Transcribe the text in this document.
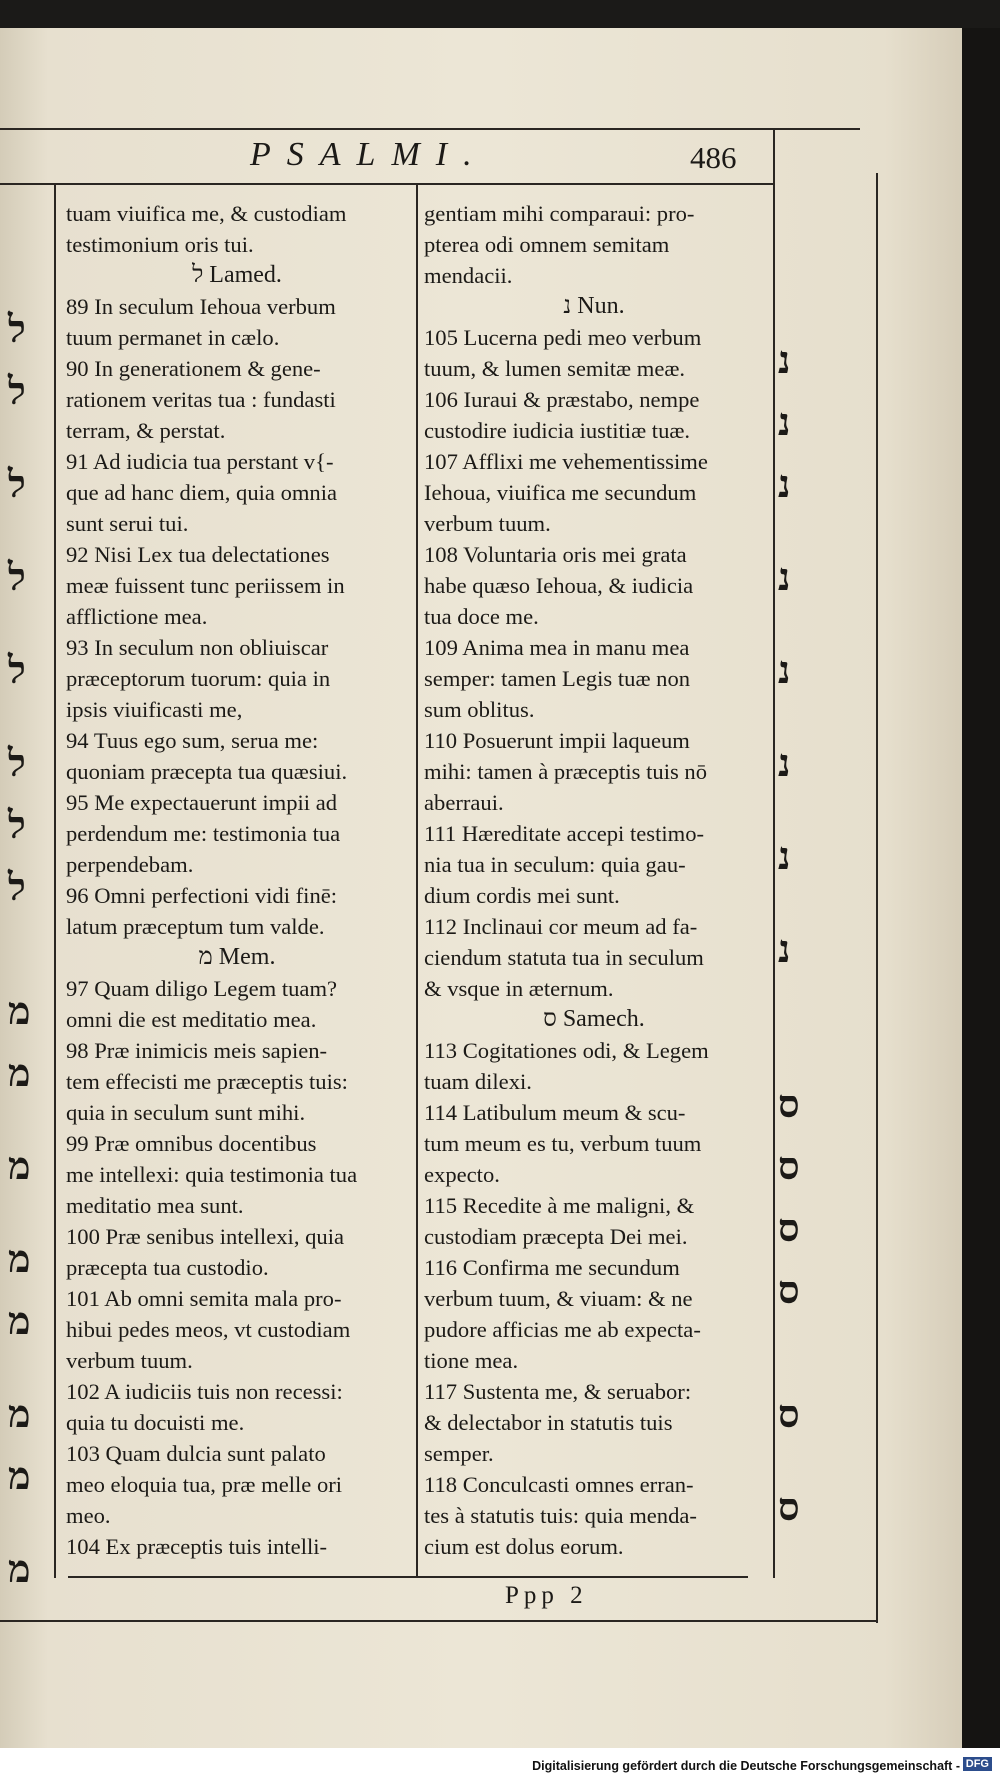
PSALMI.	486
tuam viuifica me, & custodiam
testimonium oris tui.
ל Lamed.
89 In seculum Iehoua verbum
tuum permanet in cælo.
90 In generationem & gene-
rationem veritas tua : fundasti
terram, & perstat.
91 Ad iudicia tua perstant v{-
que ad hanc diem, quia omnia
sunt serui tui.
92 Nisi Lex tua delectationes
meæ fuissent tunc periissem in
afflictione mea.
93 In seculum non obliuiscar
præceptorum tuorum: quia in
ipsis viuificasti me,
94 Tuus ego sum, serua me:
quoniam præcepta tua quæsiui.
95 Me expectauerunt impii ad
perdendum me: testimonia tua
perpendebam.
96 Omni perfectioni vidi finē:
latum præceptum tum valde.
מ Mem.
97 Quam diligo Legem tuam?
omni die est meditatio mea.
98 Præ inimicis meis sapien-
tem effecisti me præceptis tuis:
quia in seculum sunt mihi.
99 Præ omnibus docentibus
me intellexi: quia testimonia tua
meditatio mea sunt.
100 Præ senibus intellexi, quia
præcepta tua custodio.
101 Ab omni semita mala pro-
hibui pedes meos, vt custodiam
verbum tuum.
102 A iudiciis tuis non recessi:
quia tu docuisti me.
103 Quam dulcia sunt palato
meo eloquia tua, præ melle ori
meo.
104 Ex præceptis tuis intelli-
gentiam mihi comparaui: pro-
pterea odi omnem semitam
mendacii.
נ Nun.
105 Lucerna pedi meo verbum
tuum, & lumen semitæ meæ.
106 Iuraui & præstabo, nempe
custodire iudicia iustitiæ tuæ.
107 Afflixi me vehementissime
Iehoua, viuifica me secundum
verbum tuum.
108 Voluntaria oris mei grata
habe quæso Iehoua, & iudicia
tua doce me.
109 Anima mea in manu mea
semper: tamen Legis tuæ non
sum oblitus.
110 Posuerunt impii laqueum
mihi: tamen à præceptis tuis nō
aberraui.
111 Hæreditate accepi testimo-
nia tua in seculum: quia gau-
dium cordis mei sunt.
112 Inclinaui cor meum ad fa-
ciendum statuta tua in seculum
& vsque in æternum.
ס Samech.
113 Cogitationes odi, & Legem
tuam dilexi.
114 Latibulum meum & scu-
tum meum es tu, verbum tuum
expecto.
115 Recedite à me maligni, &
custodiam præcepta Dei mei.
116 Confirma me secundum
verbum tuum, & viuam: & ne
pudore afficias me ab expecta-
tione mea.
117 Sustenta me, & seruabor:
& delectabor in statutis tuis
semper.
118 Conculcasti omnes erran-
tes à statutis tuis: quia menda-
cium est dolus eorum.
ל
ל
ל
ל
ל
ל
ל
ל
מ
מ
מ
מ
מ
מ
מ
מ
נ
נ
נ
נ
נ
נ
נ
נ
ס
ס
ס
ס
ס
ס
Ppp 2
Digitalisierung gefördert durch die Deutsche Forschungsgemeinschaft - DFG
